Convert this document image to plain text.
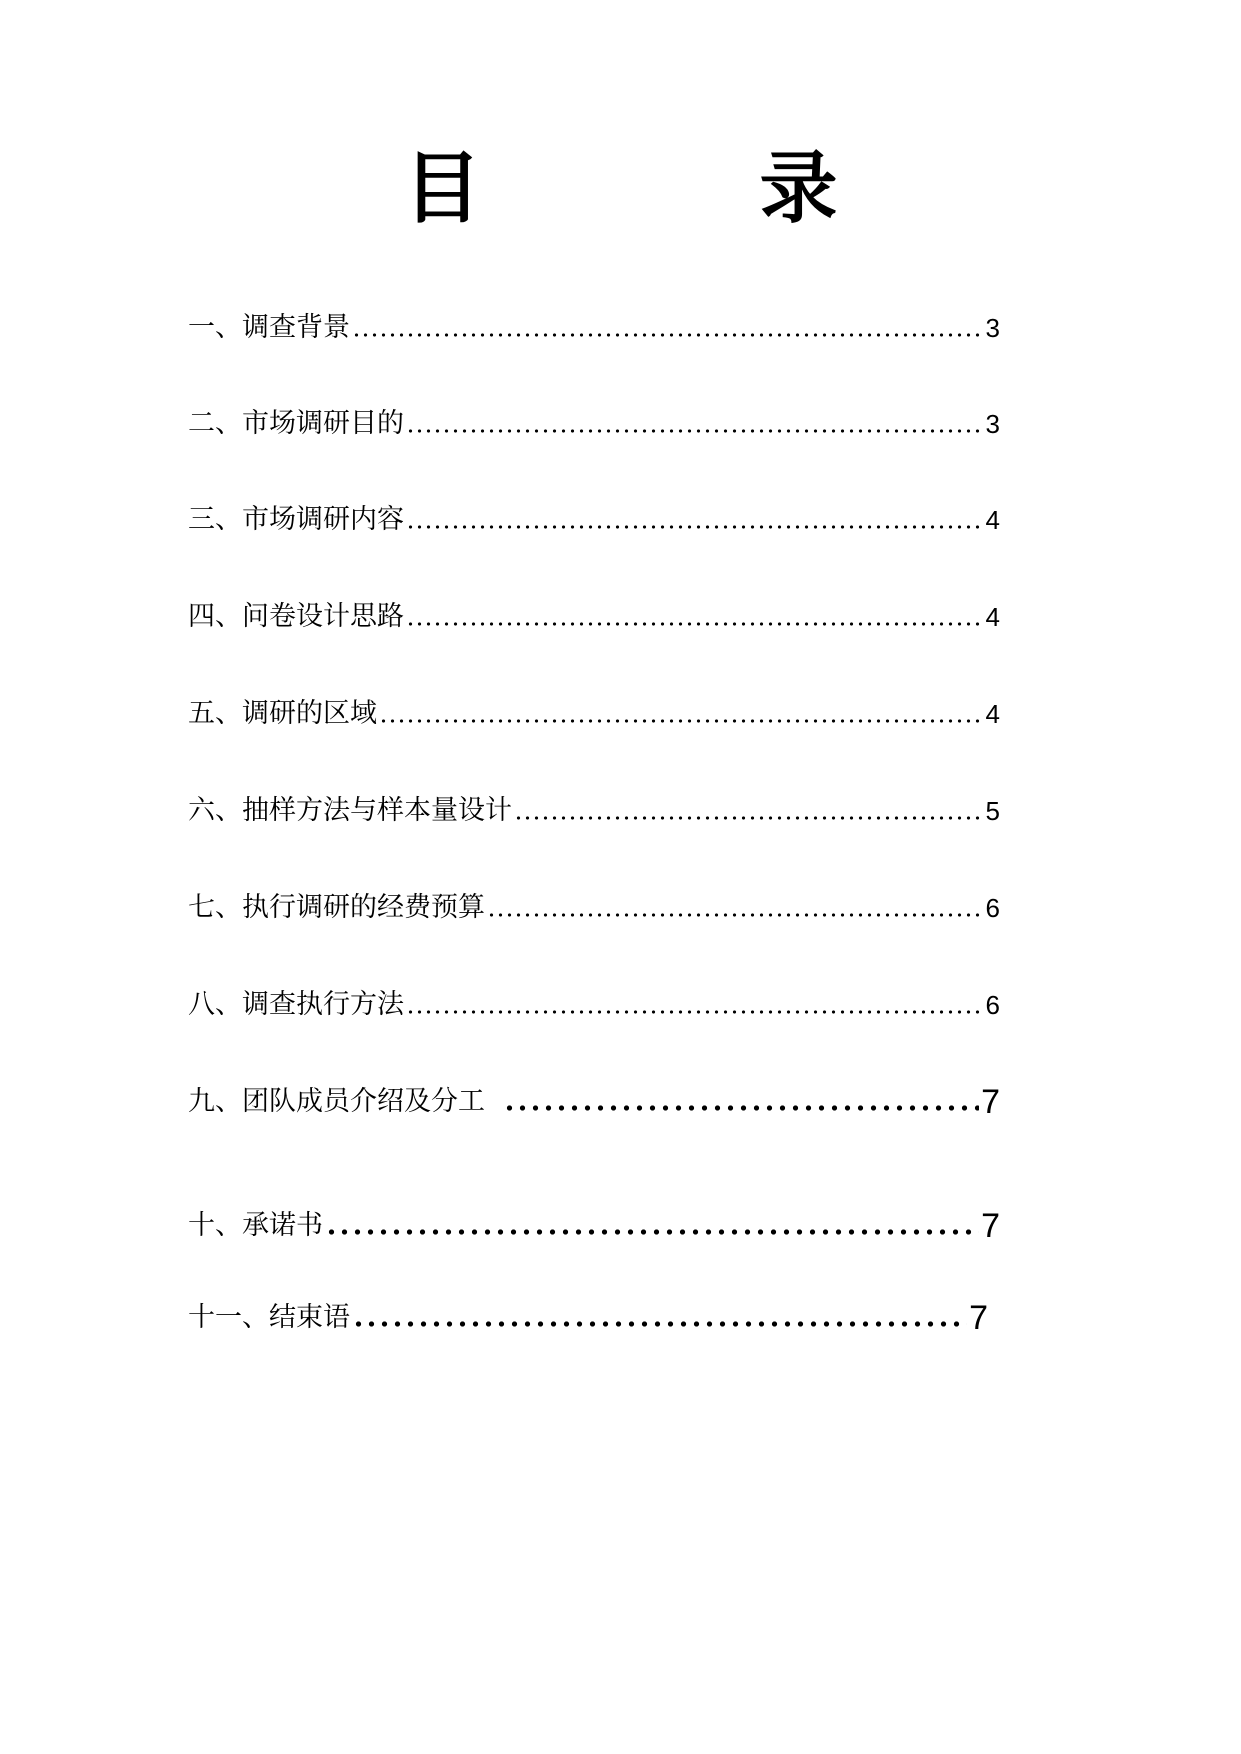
目　录
一、调查背景	3
二、市场调研目的	3
三、市场调研内容	4
四、问卷设计思路	4
五、调研的区域	4
六、抽样方法与样本量设计	5
七、执行调研的经费预算	6
八、调查执行方法	6
九、团队成员介绍及分工	7
十、承诺书	7
十一、结束语	7
